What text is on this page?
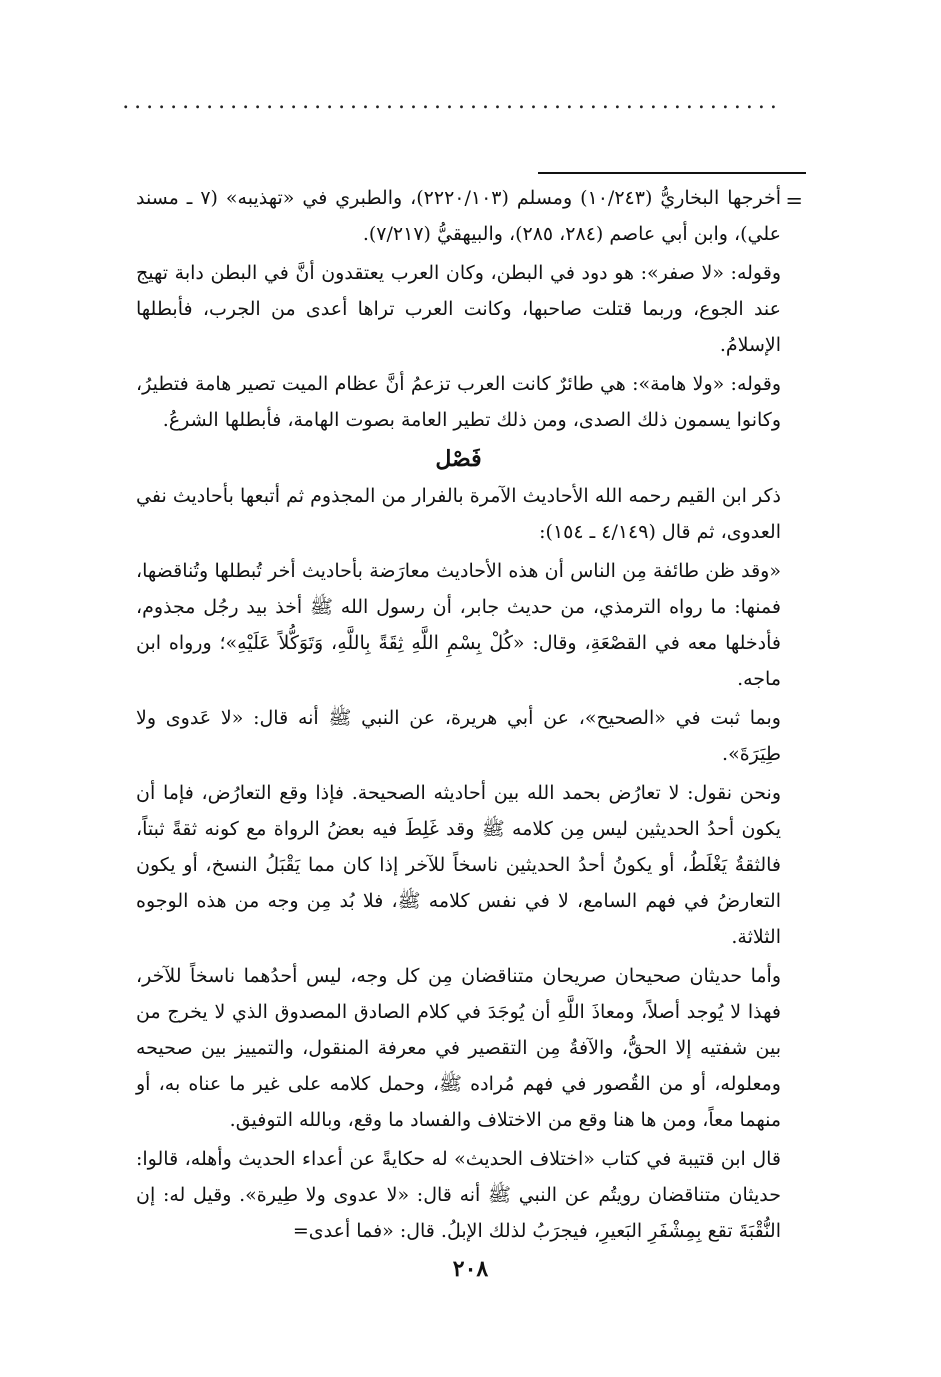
.......................................................
=

أخرجها البخاريُّ (١٠/٢٤٣) ومسلم (٢٢٢٠/١٠٣)، والطبري في «تهذيبه» (٧ ـ مسند علي)، وابن أبي عاصم (٢٨٤، ٢٨٥)، والبيهقيُّ (٧/٢١٧).

وقوله: «لا صفر»: هو دود في البطن، وكان العرب يعتقدون أنَّ في البطن دابة تهيج عند الجوع، وربما قتلت صاحبها، وكانت العرب تراها أعدى من الجرب، فأبطلها الإسلامُ.

وقوله: «ولا هامة»: هي طائرٌ كانت العرب تزعمُ أنَّ عظام الميت تصير هامة فتطيرُ، وكانوا يسمون ذلك الصدى، ومن ذلك تطير العامة بصوت الهامة، فأبطلها الشرعُ.

فَصْل

ذكر ابن القيم رحمه الله الأحاديث الآمرة بالفرار من المجذوم ثم أتبعها بأحاديث نفي العدوى، ثم قال (٤/١٤٩ ـ ١٥٤):

«وقد ظن طائفة مِن الناس أن هذه الأحاديث معارَضة بأحاديث أخر تُبطلها وتُناقضها، فمنها: ما رواه الترمذي، من حديث جابر، أن رسول الله ﷺ أخذ بيد رجُل مجذوم، فأدخلها معه في القصْعَةِ، وقال: «كُلْ بِسْمِ اللَّهِ ثِقَةً بِاللَّهِ، وَتَوَكُّلاً عَلَيْهِ»؛ ورواه ابن ماجه.

وبما ثبت في «الصحيح»، عن أبي هريرة، عن النبي ﷺ أنه قال: «لا عَدوى ولا طِيَرَةَ».

ونحن نقول: لا تعارُض بحمد الله بين أحاديثه الصحيحة. فإذا وقع التعارُض، فإما أن يكون أحدُ الحديثين ليس مِن كلامه ﷺ وقد غَلِطَ فيه بعضُ الرواة مع كونه ثقةً ثبتاً، فالثقةُ يَغْلَطُ، أو يكونُ أحدُ الحديثين ناسخاً للآخر إذا كان مما يَقْبَلُ النسخ، أو يكون التعارضُ في فهم السامع، لا في نفس كلامه ﷺ، فلا بُد مِن وجه من هذه الوجوه الثلاثة.

وأما حديثان صحيحان صريحان متناقضان مِن كل وجه، ليس أحدُهما ناسخاً للآخر، فهذا لا يُوجد أصلاً، ومعاذَ اللَّهِ أن يُوجَدَ في كلام الصادق المصدوق الذي لا يخرج من بين شفتيه إلا الحقُّ، والآفةُ مِن التقصير في معرفة المنقول، والتمييز بين صحيحه ومعلوله، أو من القُصور في فهم مُراده ﷺ، وحمل كلامه على غير ما عناه به، أو منهما معاً، ومن ها هنا وقع من الاختلاف والفساد ما وقع، وبالله التوفيق.

قال ابن قتيبة في كتاب «اختلاف الحديث» له حكايةً عن أعداء الحديث وأهله، قالوا: حديثان متناقضان رويتُم عن النبي ﷺ أنه قال: «لا عدوى ولا طِيرة». وقيل له: إن النُّقْبَةَ تقع بِمِشْفَرِ البَعيرِ، فيجرَبُ لذلك الإبلُ. قال: «فما أعدى=

٢٠٨
